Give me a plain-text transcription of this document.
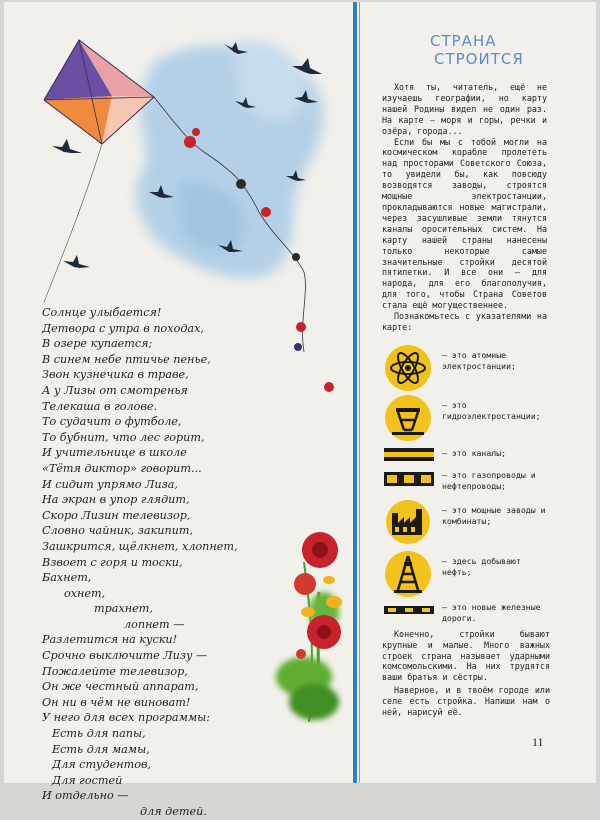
Солнце улыбается!
Детвора с утра в походах,
В озере купается;
В синем небе птичье пенье,
Звон кузнечика в траве,
А у Лизы от смотренья
Телекаша в голове.
То судачит о футболе,
То бубнит, что лес горит,
И учительнице в школе
«Тётя диктор» говорит...
И сидит упрямо Лиза,
На экран в упор глядит,
Скоро Лизин телевизор,
Словно чайник, закипит,
Зашкрится, щёлкнет, хлопнет,
Взвоет с горя и тоски,
Бахнет,
охнет,
трахнет,
лопнет —
Разлетится на куски!
Срочно выключите Лизу —
Пожалейте телевизор,
Он же честный аппарат,
Он ни в чём не виноват!
У него для всех программы:
Есть для папы,
Есть для мамы,
Для студентов,
Для гостей
И отдельно —
для детей.
СТРАНА
СТРОИТСЯ

Хотя ты, читатель, ещё не изучаешь географии, но карту нашей Родины видел не один раз. На карте — моря и горы, речки и озёра, города...

Если бы мы с тобой могли на космическом корабле пролететь над просторами Советского Союза, то увидели бы, как повсюду возводятся заводы, строятся мощные электростанции, прокладываются новые магистрали, через засушливые земли тянутся каналы оросительных систем. На карту нашей страны нанесены только некоторые самые значительные стройки десятой пятилетки. И все они — для народа, для его благополучия, для того, чтобы Страна Советов стала ещё могущественнее.

Познакомьтесь с указателями на карте:

— это атомные электростанции;
— это гидроэлектростанции;
— это каналы;
— это газопроводы и нефтепроводы;
— это мощные заводы и комбинаты;
— здесь добывают нефть;
— это новые железные дороги.

Конечно, стройки бывают крупные и малые. Много важных строек страна называет ударными комсомольскими. На них трудятся ваши братья и сёстры.

Наверное, и в твоём городе или селе есть стройка. Напиши нам о ней, нарисуй её.

11
